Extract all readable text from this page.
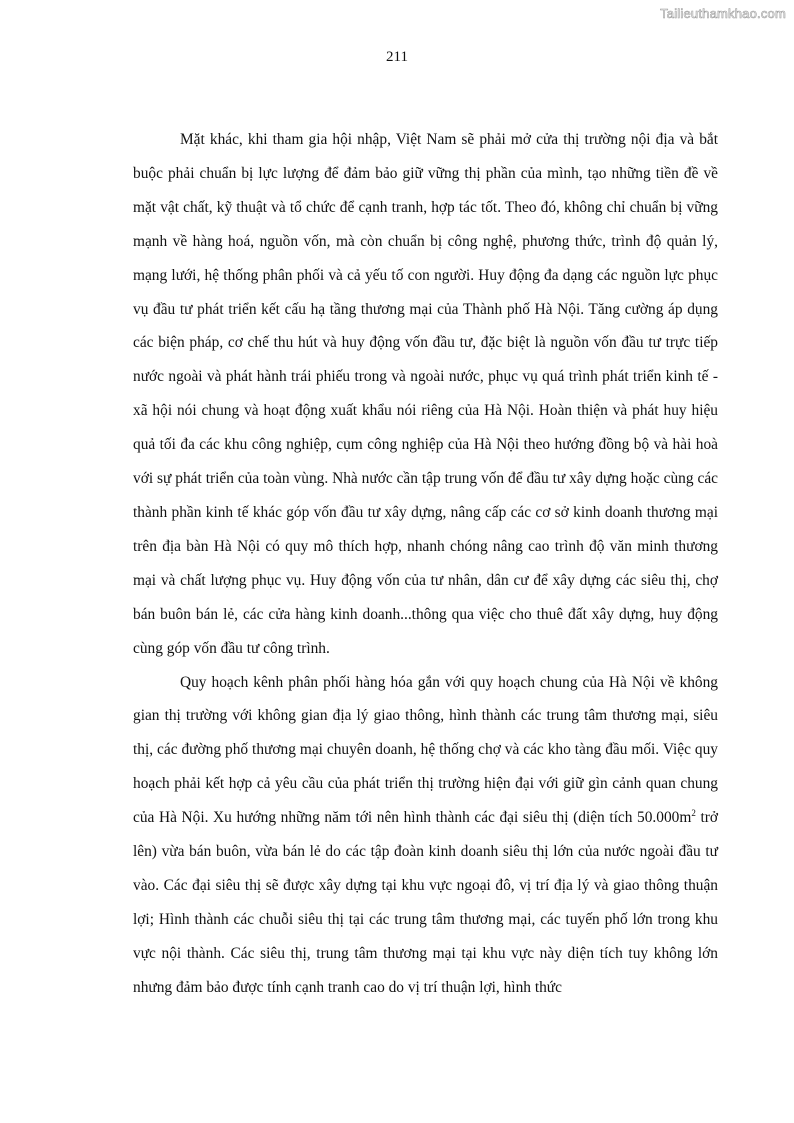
Tailieuthamkhao.com
211

Mặt khác, khi tham gia hội nhập, Việt Nam sẽ phải mở cửa thị trường nội địa và bắt buộc phải chuẩn bị lực lượng để đảm bảo giữ vững thị phần của mình, tạo những tiền đề về mặt vật chất, kỹ thuật và tổ chức để cạnh tranh, hợp tác tốt. Theo đó, không chỉ chuẩn bị vững mạnh về hàng hoá, nguồn vốn, mà còn chuẩn bị công nghệ, phương thức, trình độ quản lý, mạng lưới, hệ thống phân phối và cả yếu tố con người. Huy động đa dạng các nguồn lực phục vụ đầu tư phát triển kết cấu hạ tầng thương mại của Thành phố Hà Nội. Tăng cường áp dụng các biện pháp, cơ chế thu hút và huy động vốn đầu tư, đặc biệt là nguồn vốn đầu tư trực tiếp nước ngoài và phát hành trái phiếu trong và ngoài nước, phục vụ quá trình phát triển kinh tế - xã hội nói chung và hoạt động xuất khẩu nói riêng của Hà Nội. Hoàn thiện và phát huy hiệu quả tối đa các khu công nghiệp, cụm công nghiệp của Hà Nội theo hướng đồng bộ và hài hoà với sự phát triển của toàn vùng. Nhà nước cần tập trung vốn để đầu tư xây dựng hoặc cùng các thành phần kinh tế khác góp vốn đầu tư xây dựng, nâng cấp các cơ sở kinh doanh thương mại trên địa bàn Hà Nội có quy mô thích hợp, nhanh chóng nâng cao trình độ văn minh thương mại và chất lượng phục vụ. Huy động vốn của tư nhân, dân cư để xây dựng các siêu thị, chợ bán buôn bán lẻ, các cửa hàng kinh doanh...thông qua việc cho thuê đất xây dựng, huy động cùng góp vốn đầu tư công trình.

Quy hoạch kênh phân phối hàng hóa gắn với quy hoạch chung của Hà Nội về không gian thị trường với không gian địa lý giao thông, hình thành các trung tâm thương mại, siêu thị, các đường phố thương mại chuyên doanh, hệ thống chợ và các kho tàng đầu mối. Việc quy hoạch phải kết hợp cả yêu cầu của phát triển thị trường hiện đại với giữ gìn cảnh quan chung của Hà Nội. Xu hướng những năm tới nên hình thành các đại siêu thị (diện tích $50.000m^2$ trở lên) vừa bán buôn, vừa bán lẻ do các tập đoàn kinh doanh siêu thị lớn của nước ngoài đầu tư vào. Các đại siêu thị sẽ được xây dựng tại khu vực ngoại đô, vị trí địa lý và giao thông thuận lợi; Hình thành các chuỗi siêu thị tại các trung tâm thương mại, các tuyến phố lớn trong khu vực nội thành. Các siêu thị, trung tâm thương mại tại khu vực này diện tích tuy không lớn nhưng đảm bảo được tính cạnh tranh cao do vị trí thuận lợi, hình thức
